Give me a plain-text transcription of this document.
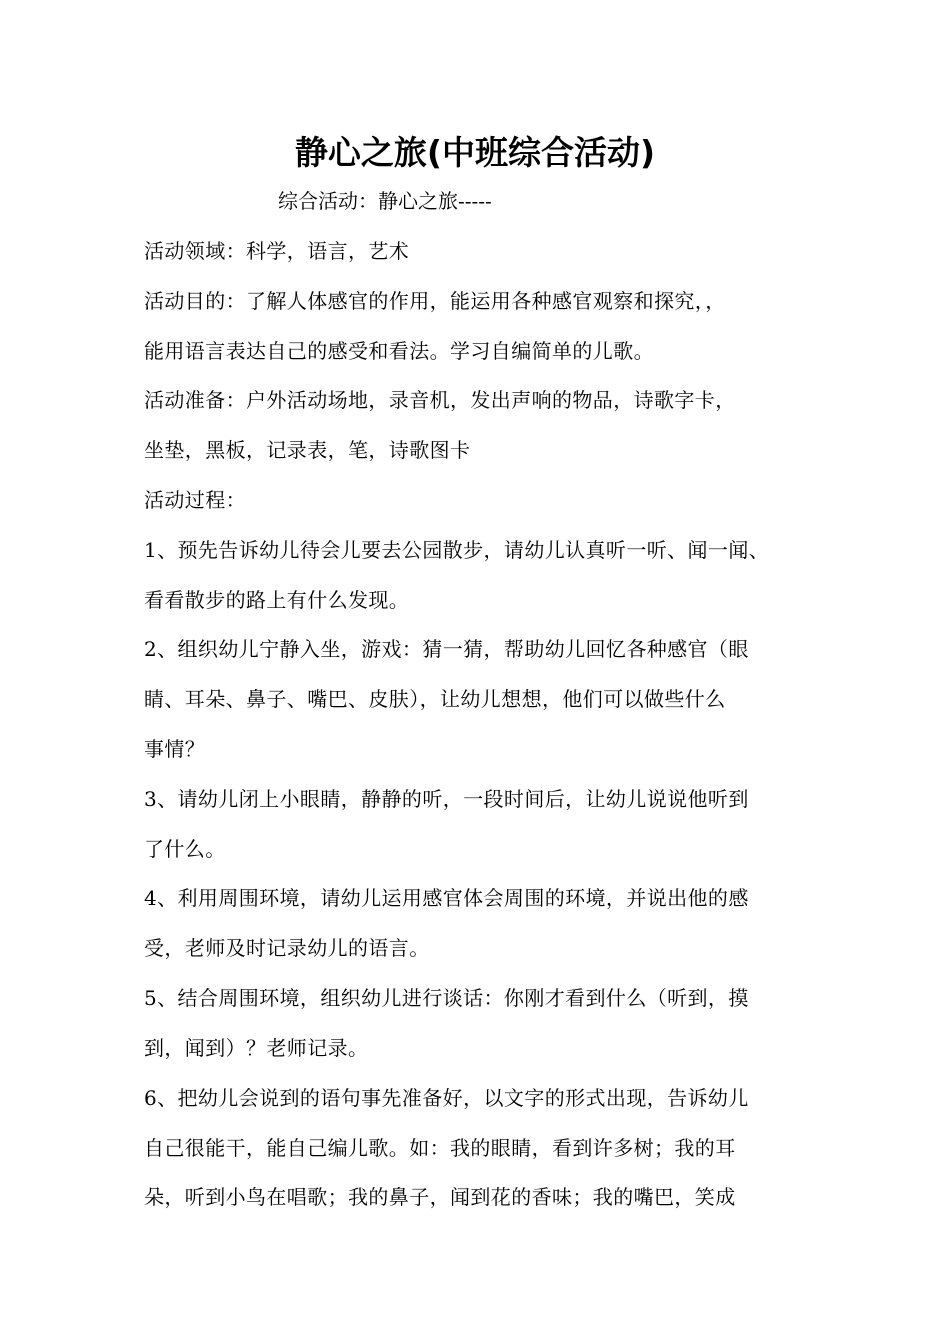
静心之旅(中班综合活动)
综合活动：静心之旅-----
活动领域：科学，语言，艺术
活动目的：了解人体感官的作用，能运用各种感官观察和探究，，
能用语言表达自己的感受和看法。学习自编简单的儿歌。
活动准备：户外活动场地，录音机，发出声响的物品，诗歌字卡，
坐垫，黑板，记录表，笔，诗歌图卡
活动过程：
1、预先告诉幼儿待会儿要去公园散步，请幼儿认真听一听、闻一闻、
看看散步的路上有什么发现。
2、组织幼儿宁静入坐，游戏：猜一猜，帮助幼儿回忆各种感官（眼
睛、耳朵、鼻子、嘴巴、皮肤），让幼儿想想，他们可以做些什么
事情？
3、请幼儿闭上小眼睛，静静的听，一段时间后，让幼儿说说他听到
了什么。
4、利用周围环境，请幼儿运用感官体会周围的环境，并说出他的感
受，老师及时记录幼儿的语言。
5、结合周围环境，组织幼儿进行谈话：你刚才看到什么（听到，摸
到，闻到）？老师记录。
6、把幼儿会说到的语句事先准备好，以文字的形式出现，告诉幼儿
自己很能干，能自己编儿歌。如：我的眼睛，看到许多树；我的耳
朵，听到小鸟在唱歌；我的鼻子，闻到花的香味；我的嘴巴，笑成
